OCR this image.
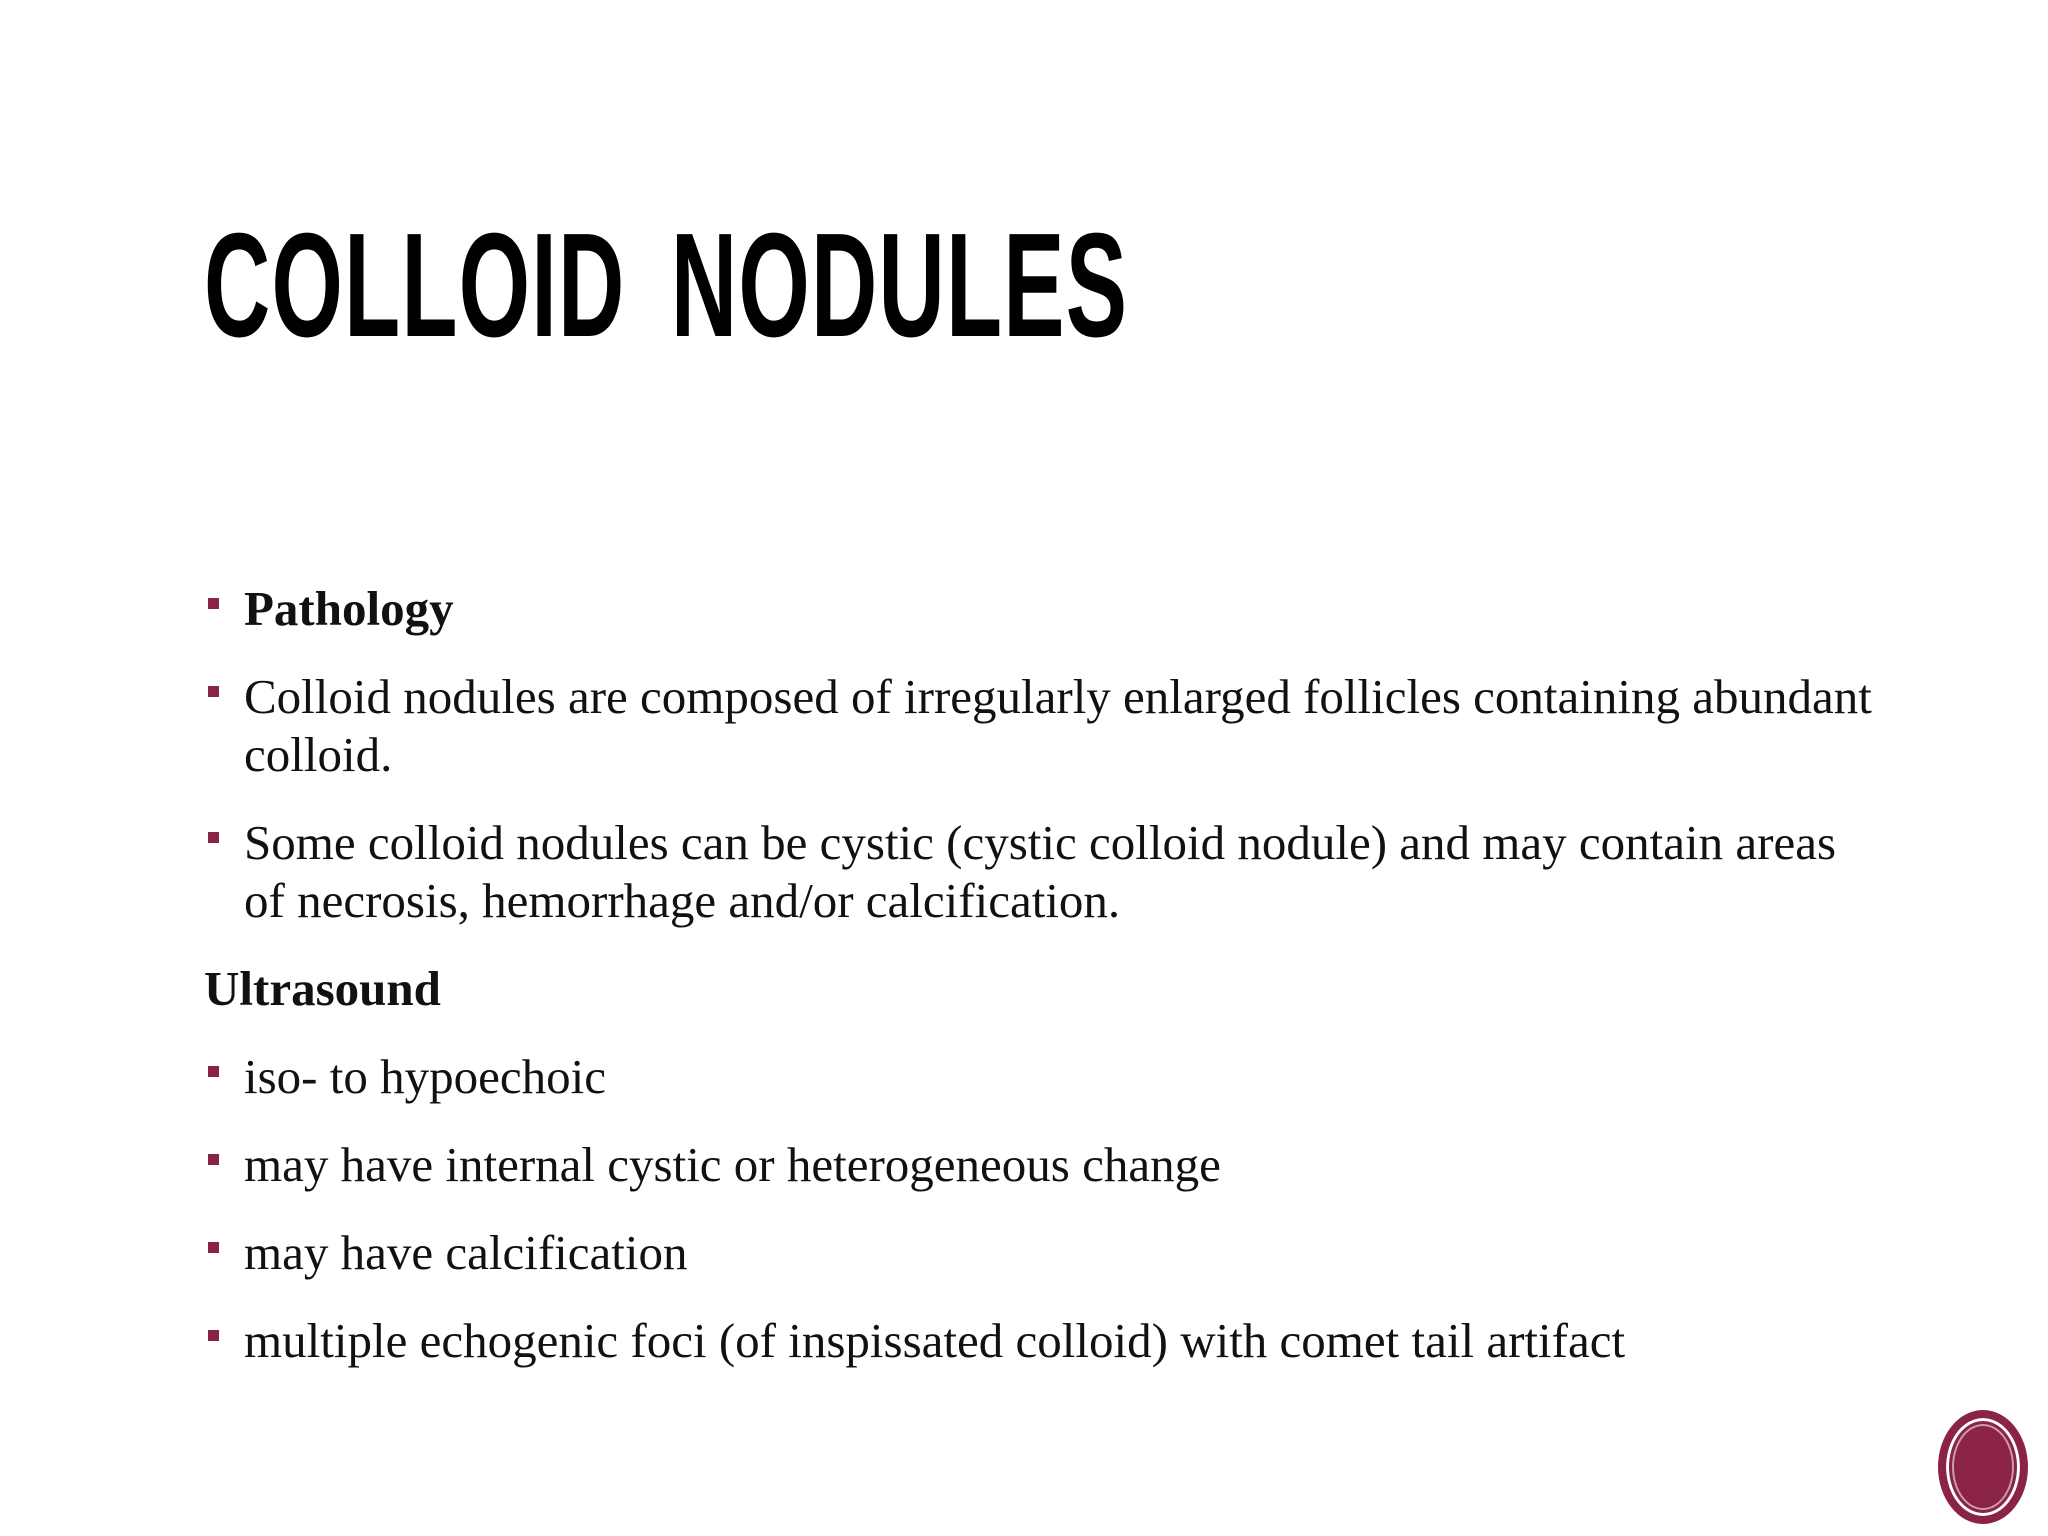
COLLOID NODULES
Pathology
Colloid nodules are composed of irregularly enlarged follicles containing abundant colloid.
Some colloid nodules can be cystic (cystic colloid nodule) and may contain areas of necrosis, hemorrhage and/or calcification.
Ultrasound
iso- to hypoechoic
may have internal cystic or heterogeneous change
may have calcification
multiple echogenic foci (of inspissated colloid) with comet tail artifact
